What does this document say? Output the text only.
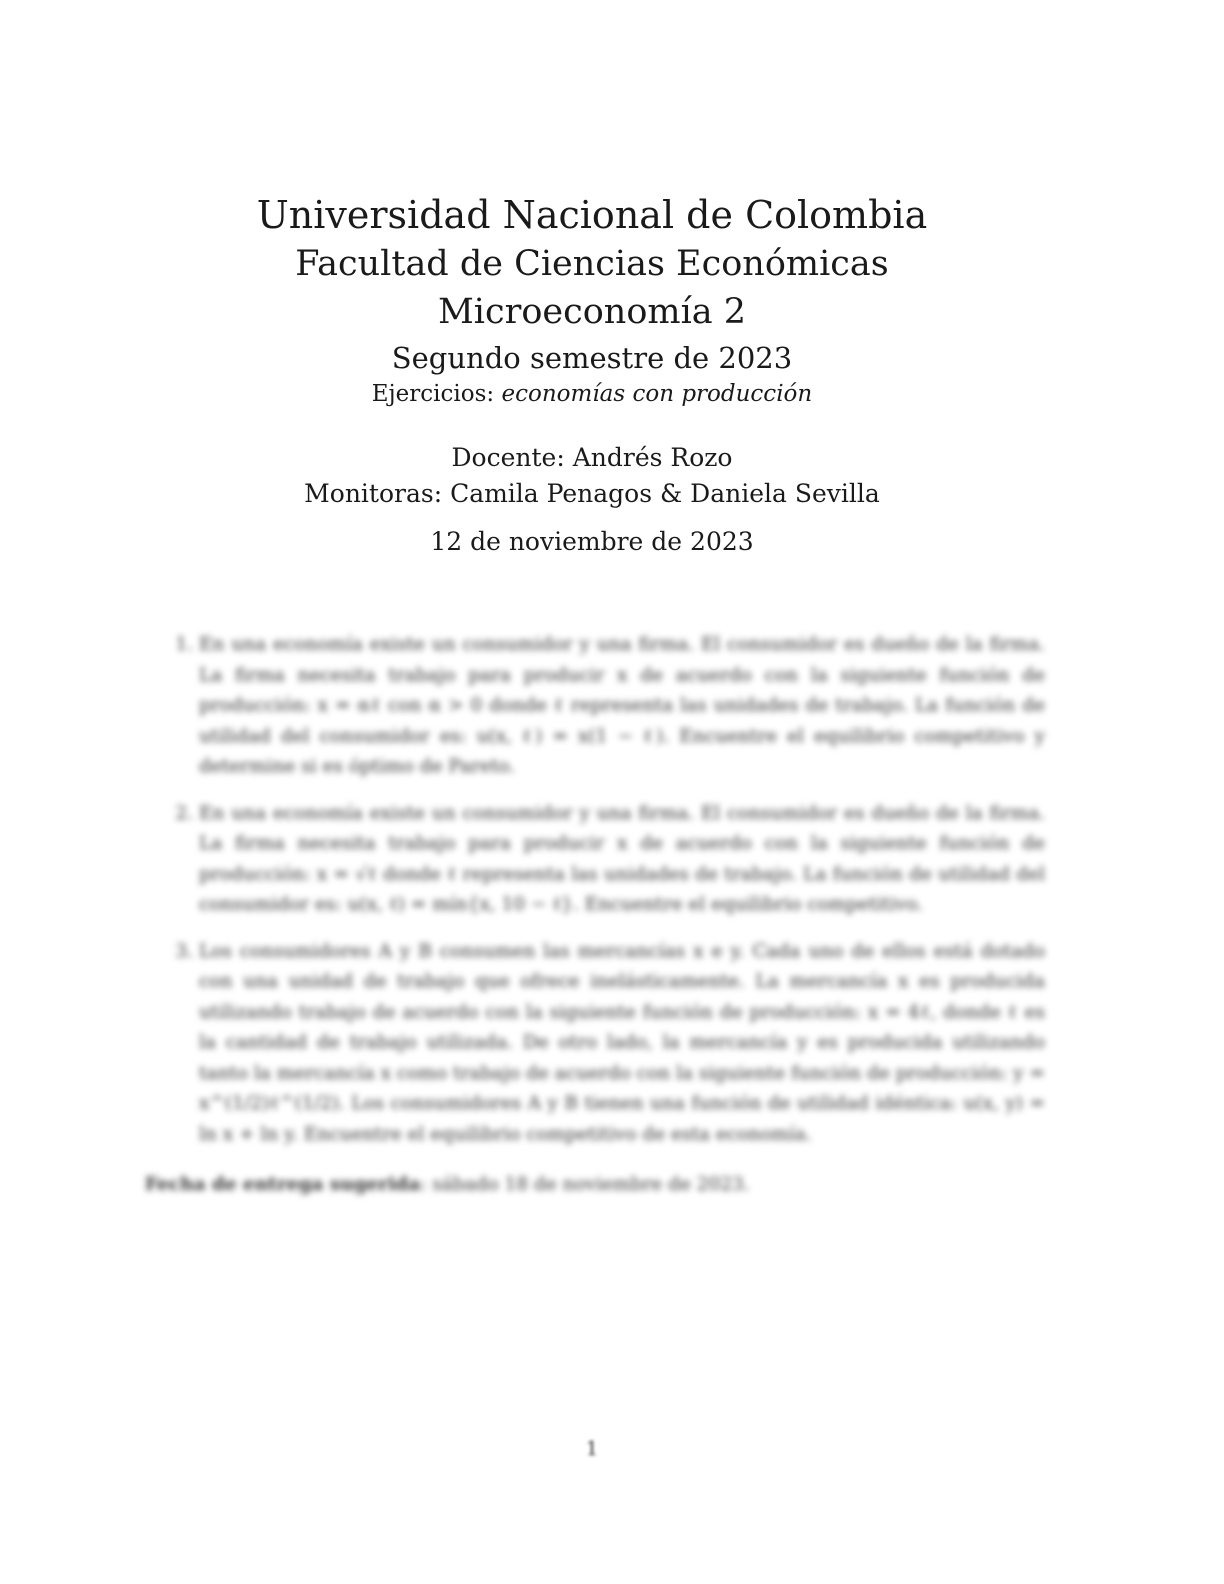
Universidad Nacional de Colombia
Facultad de Ciencias Económicas
Microeconomía 2
Segundo semestre de 2023
Ejercicios: economías con producción
Docente: Andrés Rozo
Monitoras: Camila Penagos & Daniela Sevilla
12 de noviembre de 2023
1. En una economía existe un consumidor y una firma. El consumidor es dueño de la firma. La firma necesita trabajo para producir x de acuerdo con la siguiente función de producción: x = αℓ con α > 0 donde ℓ representa las unidades de trabajo. La función de utilidad del consumidor es: u(x, ℓ) = x(1 − ℓ). Encuentre el equilibrio competitivo y determine si es óptimo de Pareto.
2. En una economía existe un consumidor y una firma. El consumidor es dueño de la firma. La firma necesita trabajo para producir x de acuerdo con la siguiente función de producción: x = √ℓ donde ℓ representa las unidades de trabajo. La función de utilidad del consumidor es: u(x, ℓ) = mín{x, 10 − ℓ}. Encuentre el equilibrio competitivo.
3. Los consumidores A y B consumen las mercancías x e y. Cada uno de ellos está dotado con una unidad de trabajo que ofrece inelásticamente. La mercancía x es producida utilizando trabajo de acuerdo con la siguiente función de producción: x = 4ℓ, donde ℓ es la cantidad de trabajo utilizada. De otro lado, la mercancía y es producida utilizando tanto la mercancía x como trabajo de acuerdo con la siguiente función de producción: y = x^(1/2)ℓ^(1/2). Los consumidores A y B tienen una función de utilidad idéntica: u(x, y) = ln x + ln y. Encuentre el equilibrio competitivo de esta economía.
Fecha de entrega sugerida: sábado 18 de noviembre de 2023.
1
